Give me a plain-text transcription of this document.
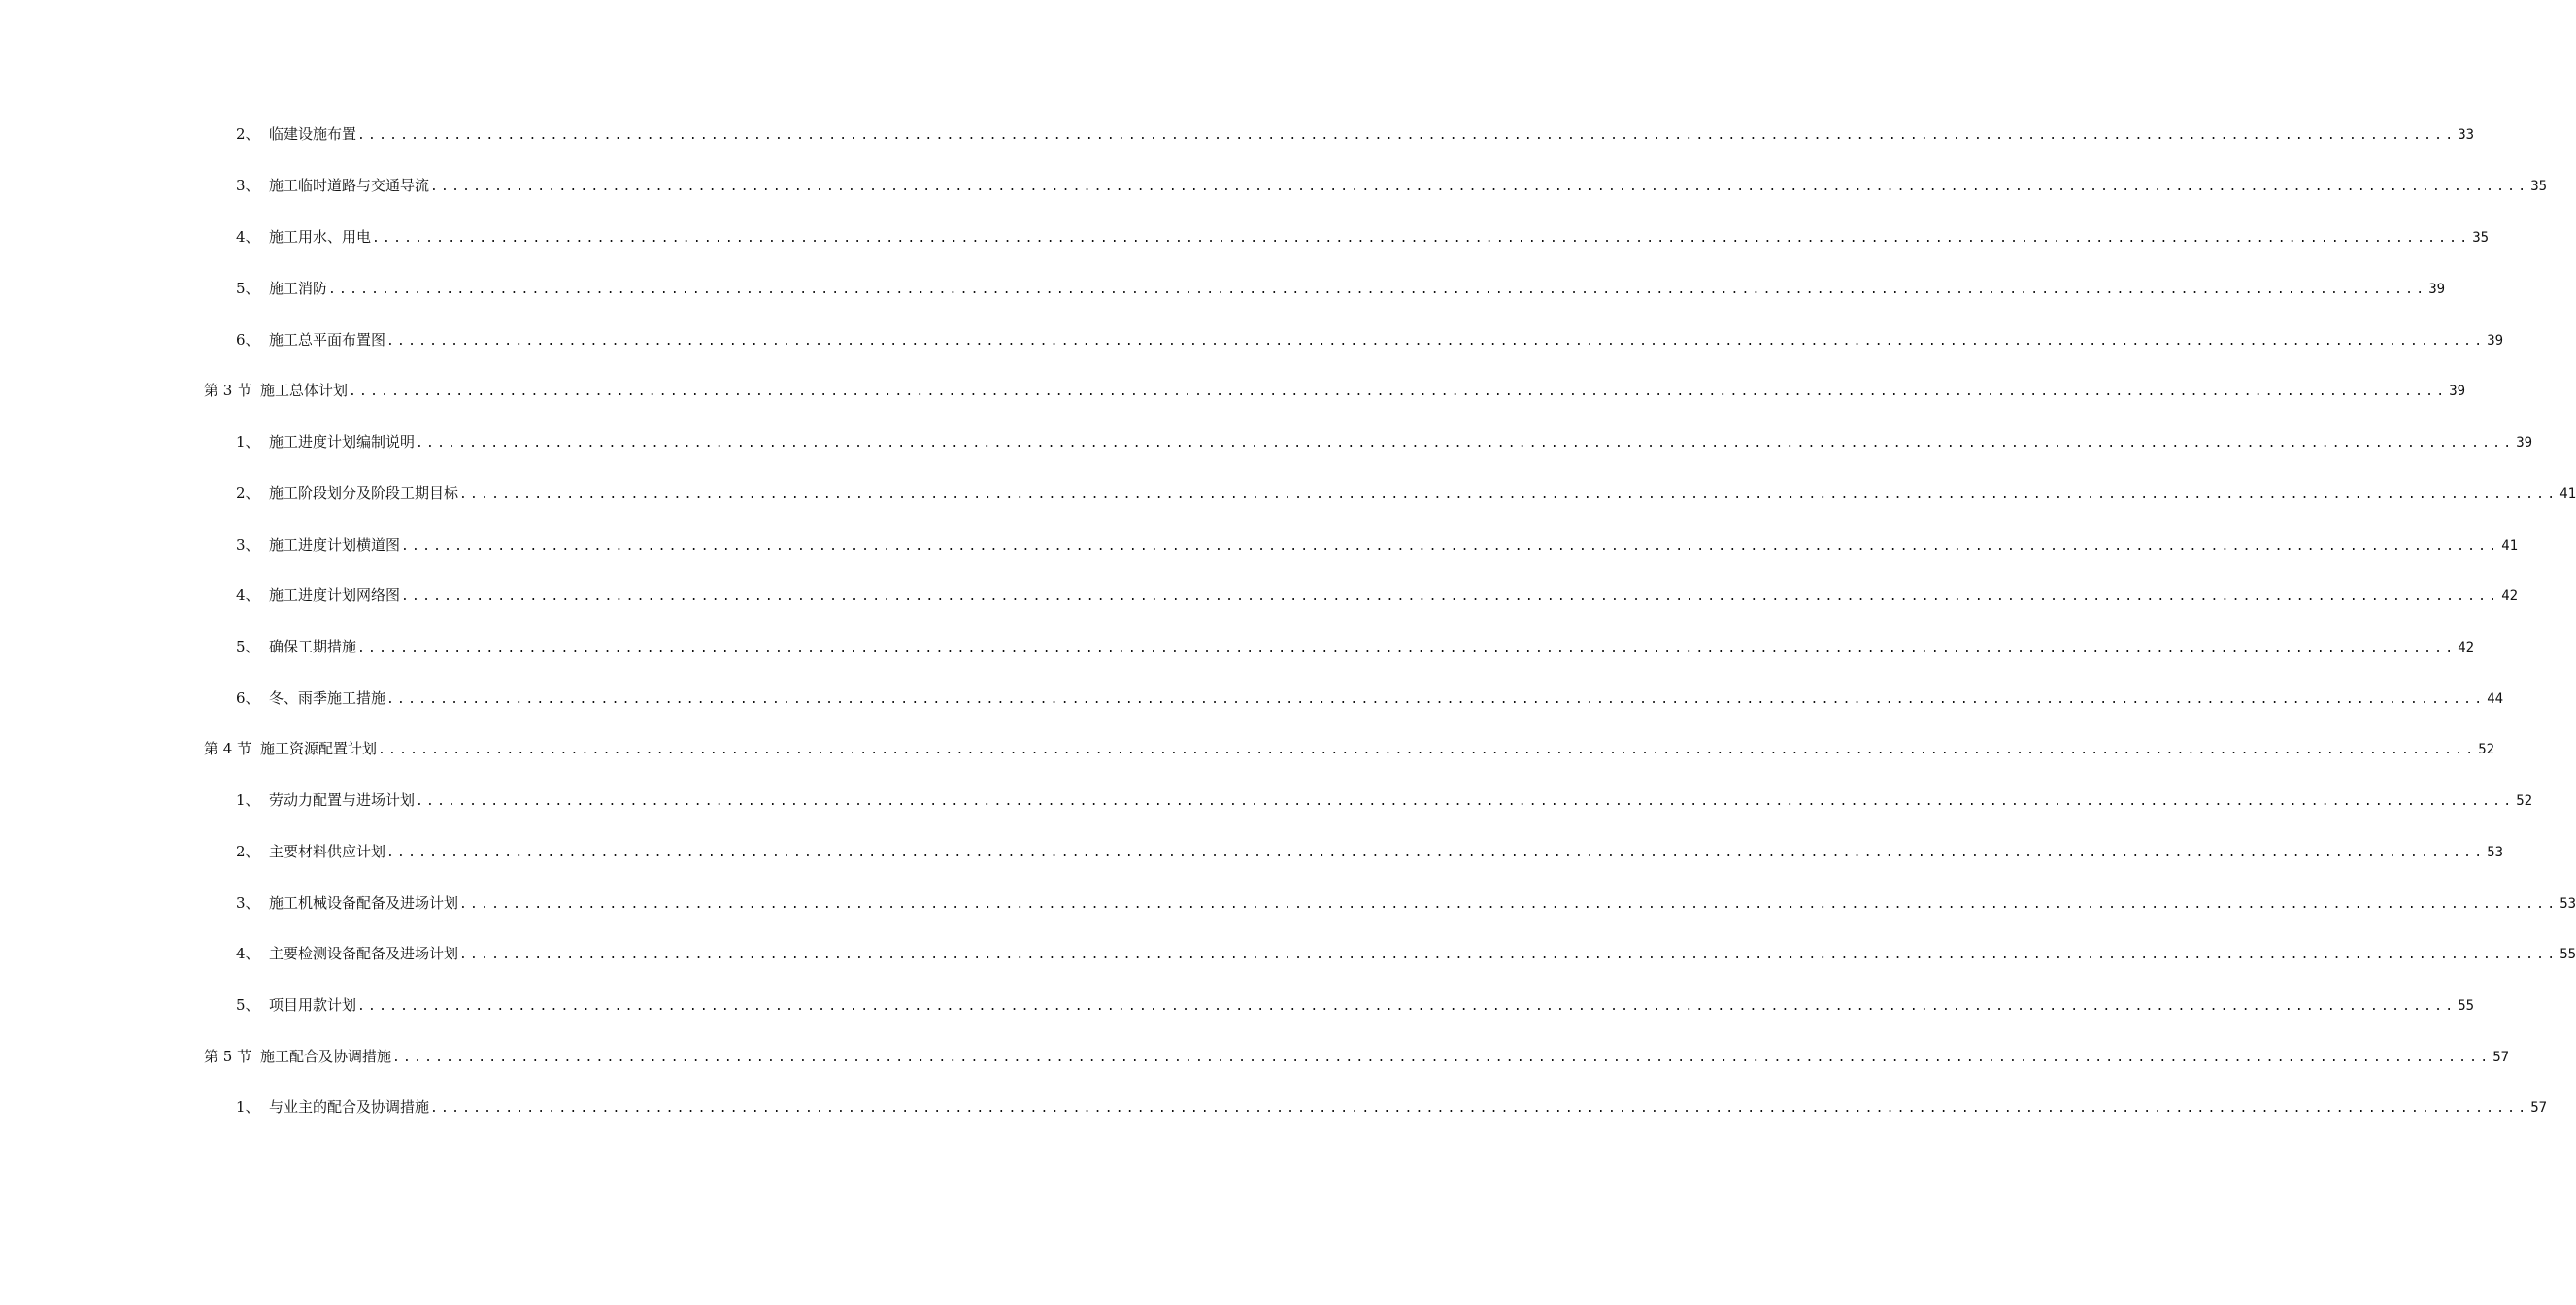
2、 临建设施布置 .................................................................................................................................................................................................... 33
3、 施工临时道路与交通导流 .................................................................................................................................................................................................... 35
4、 施工用水、用电 .................................................................................................................................................................................................... 35
5、 施工消防 .................................................................................................................................................................................................... 39
6、 施工总平面布置图 .................................................................................................................................................................................................... 39
第 3 节 施工总体计划 .................................................................................................................................................................................................... 39
1、 施工进度计划编制说明 .................................................................................................................................................................................................... 39
2、 施工阶段划分及阶段工期目标 .................................................................................................................................................................................................... 41
3、 施工进度计划横道图 .................................................................................................................................................................................................... 41
4、 施工进度计划网络图 .................................................................................................................................................................................................... 42
5、 确保工期措施 .................................................................................................................................................................................................... 42
6、 冬、雨季施工措施 .................................................................................................................................................................................................... 44
第 4 节 施工资源配置计划 .................................................................................................................................................................................................... 52
1、 劳动力配置与进场计划 .................................................................................................................................................................................................... 52
2、 主要材料供应计划 .................................................................................................................................................................................................... 53
3、 施工机械设备配备及进场计划 .................................................................................................................................................................................................... 53
4、 主要检测设备配备及进场计划 .................................................................................................................................................................................................... 55
5、 项目用款计划 .................................................................................................................................................................................................... 55
第 5 节 施工配合及协调措施 .................................................................................................................................................................................................... 57
1、 与业主的配合及协调措施 .................................................................................................................................................................................................... 57
